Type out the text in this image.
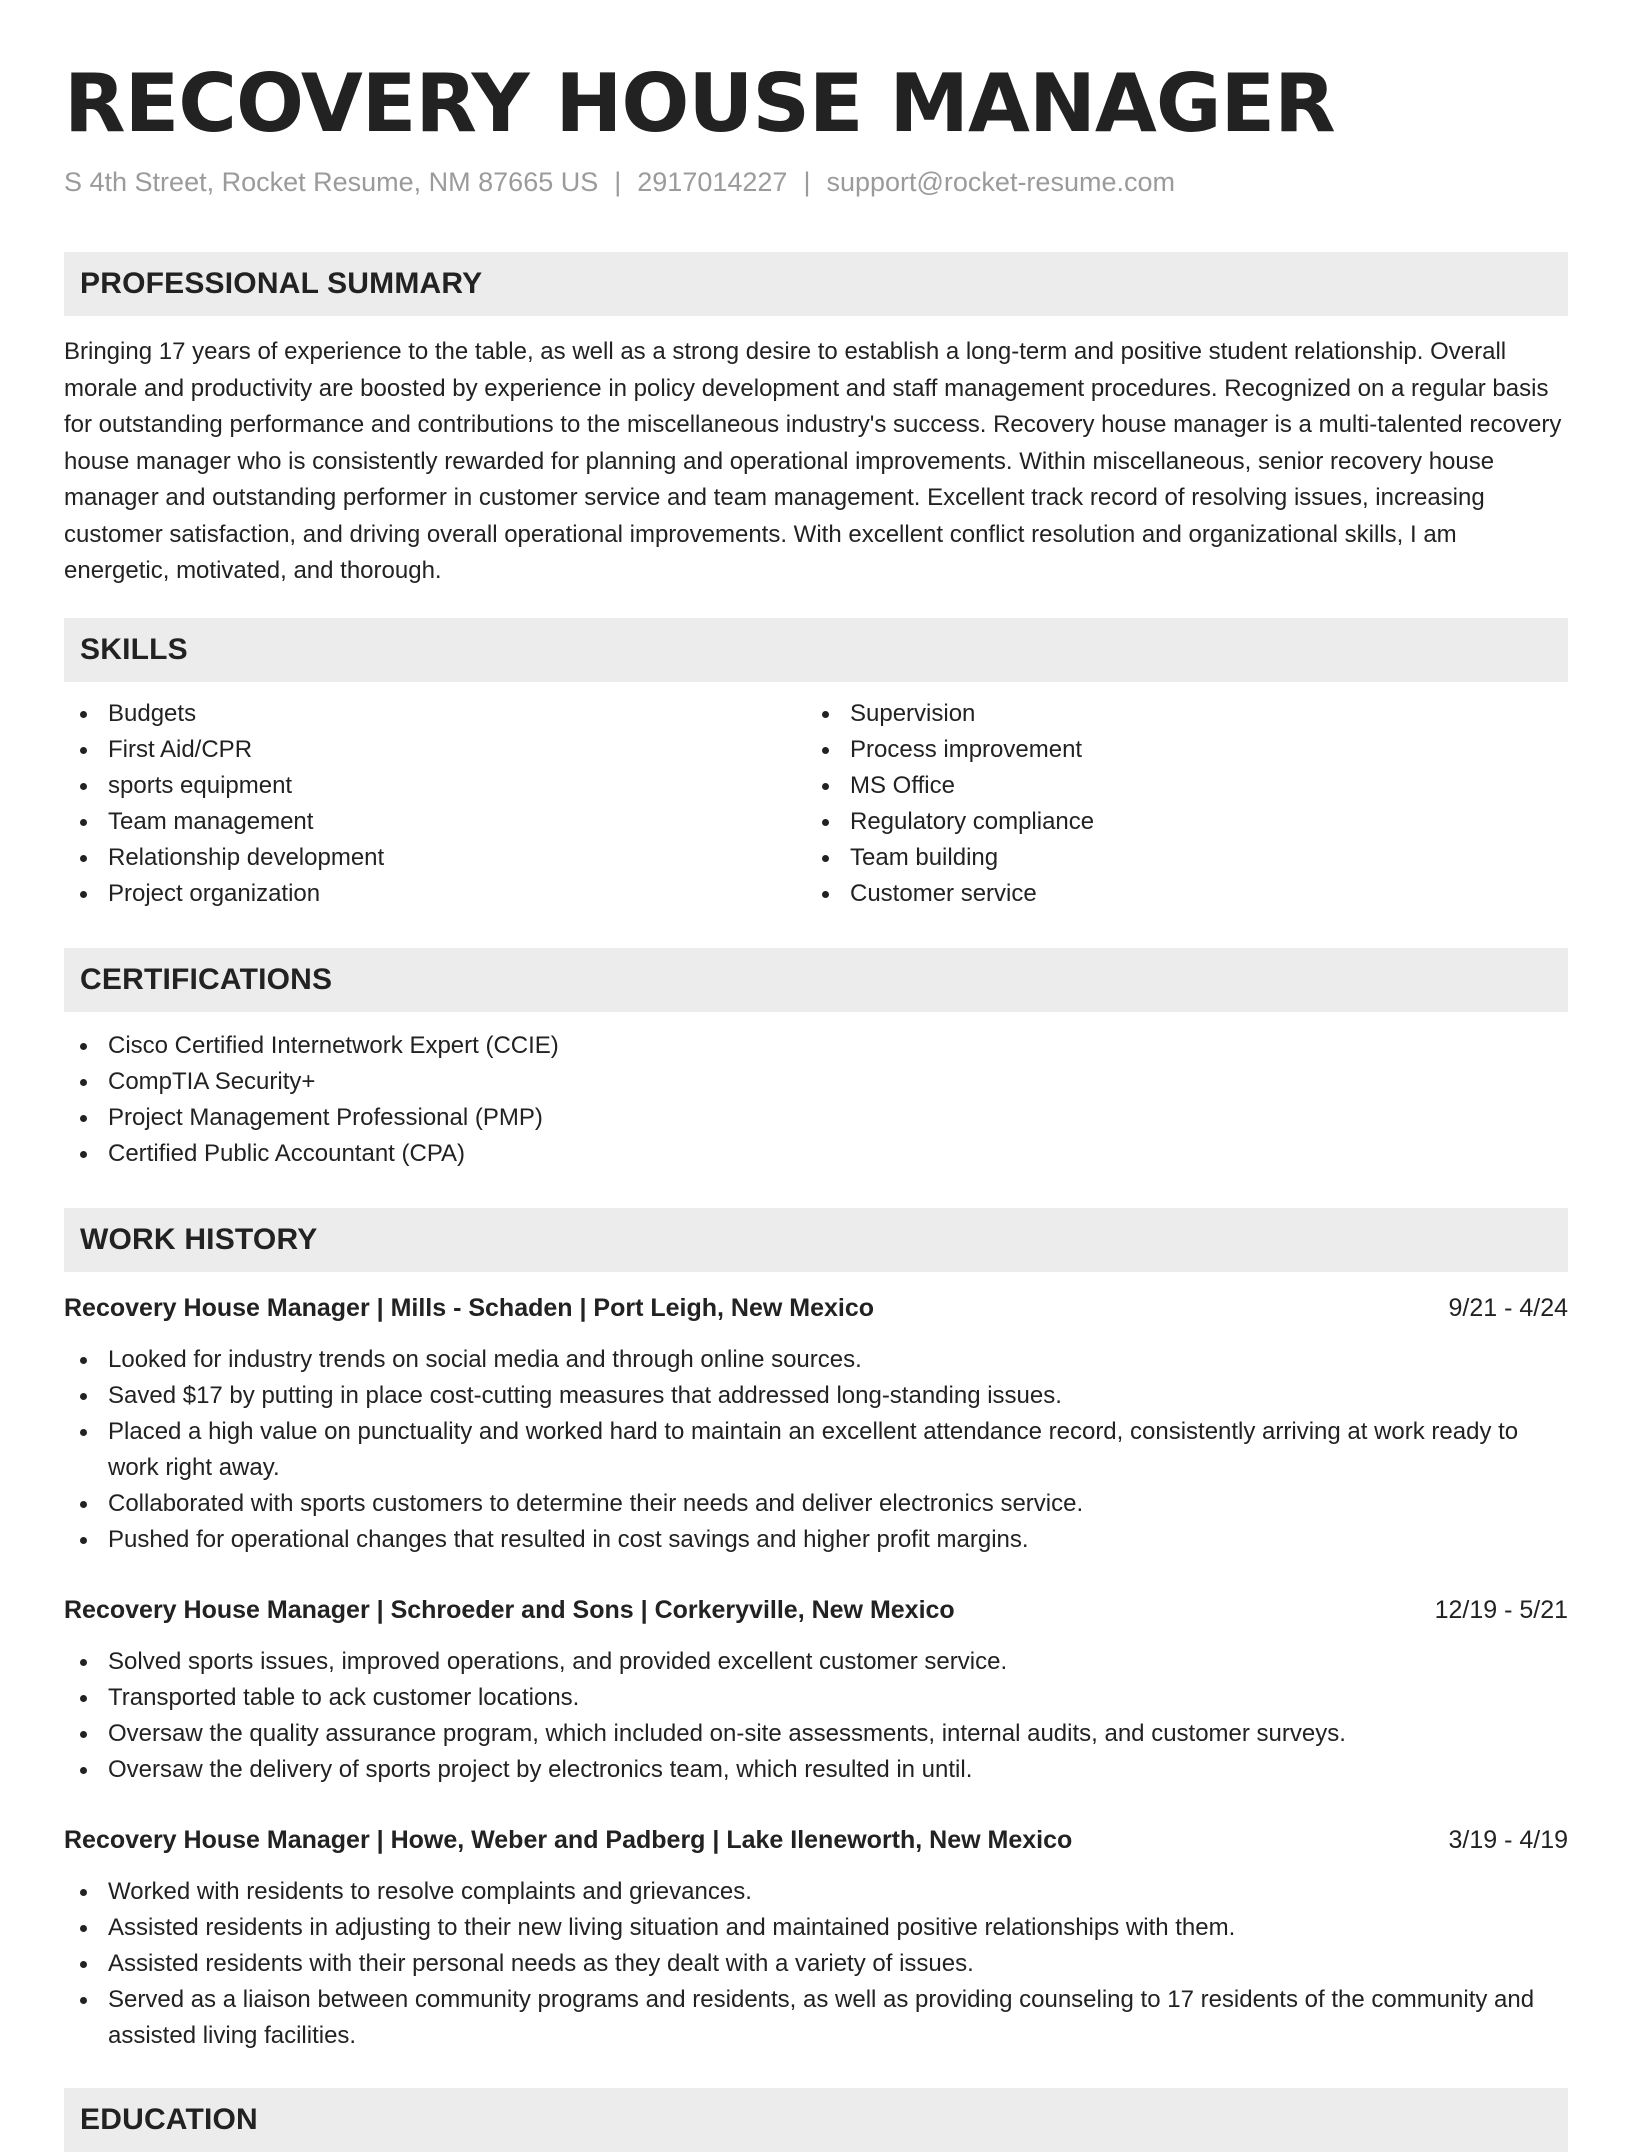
RECOVERY HOUSE MANAGER
S 4th Street, Rocket Resume, NM 87665 US | 2917014227 | support@rocket-resume.com
PROFESSIONAL SUMMARY

Bringing 17 years of experience to the table, as well as a strong desire to establish a long-term and positive student relationship. Overall morale and productivity are boosted by experience in policy development and staff management procedures. Recognized on a regular basis for outstanding performance and contributions to the miscellaneous industry's success. Recovery house manager is a multi-talented recovery house manager who is consistently rewarded for planning and operational improvements. Within miscellaneous, senior recovery house manager and outstanding performer in customer service and team management. Excellent track record of resolving issues, increasing customer satisfaction, and driving overall operational improvements. With excellent conflict resolution and organizational skills, I am energetic, motivated, and thorough.

SKILLS
Budgets
First Aid/CPR
sports equipment
Team management
Relationship development
Project organization
Supervision
Process improvement
MS Office
Regulatory compliance
Team building
Customer service
CERTIFICATIONS
Cisco Certified Internetwork Expert (CCIE)
CompTIA Security+
Project Management Professional (PMP)
Certified Public Accountant (CPA)
WORK HISTORY
Recovery House Manager | Mills - Schaden | Port Leigh, New Mexico	9/21 - 4/24
Looked for industry trends on social media and through online sources.
Saved $17 by putting in place cost-cutting measures that addressed long-standing issues.
Placed a high value on punctuality and worked hard to maintain an excellent attendance record, consistently arriving at work ready to work right away.
Collaborated with sports customers to determine their needs and deliver electronics service.
Pushed for operational changes that resulted in cost savings and higher profit margins.
Recovery House Manager | Schroeder and Sons | Corkeryville, New Mexico	12/19 - 5/21
Solved sports issues, improved operations, and provided excellent customer service.
Transported table to ack customer locations.
Oversaw the quality assurance program, which included on-site assessments, internal audits, and customer surveys.
Oversaw the delivery of sports project by electronics team, which resulted in until.
Recovery House Manager | Howe, Weber and Padberg | Lake Ileneworth, New Mexico	3/19 - 4/19
Worked with residents to resolve complaints and grievances.
Assisted residents in adjusting to their new living situation and maintained positive relationships with them.
Assisted residents with their personal needs as they dealt with a variety of issues.
Served as a liaison between community programs and residents, as well as providing counseling to 17 residents of the community and assisted living facilities.
EDUCATION
